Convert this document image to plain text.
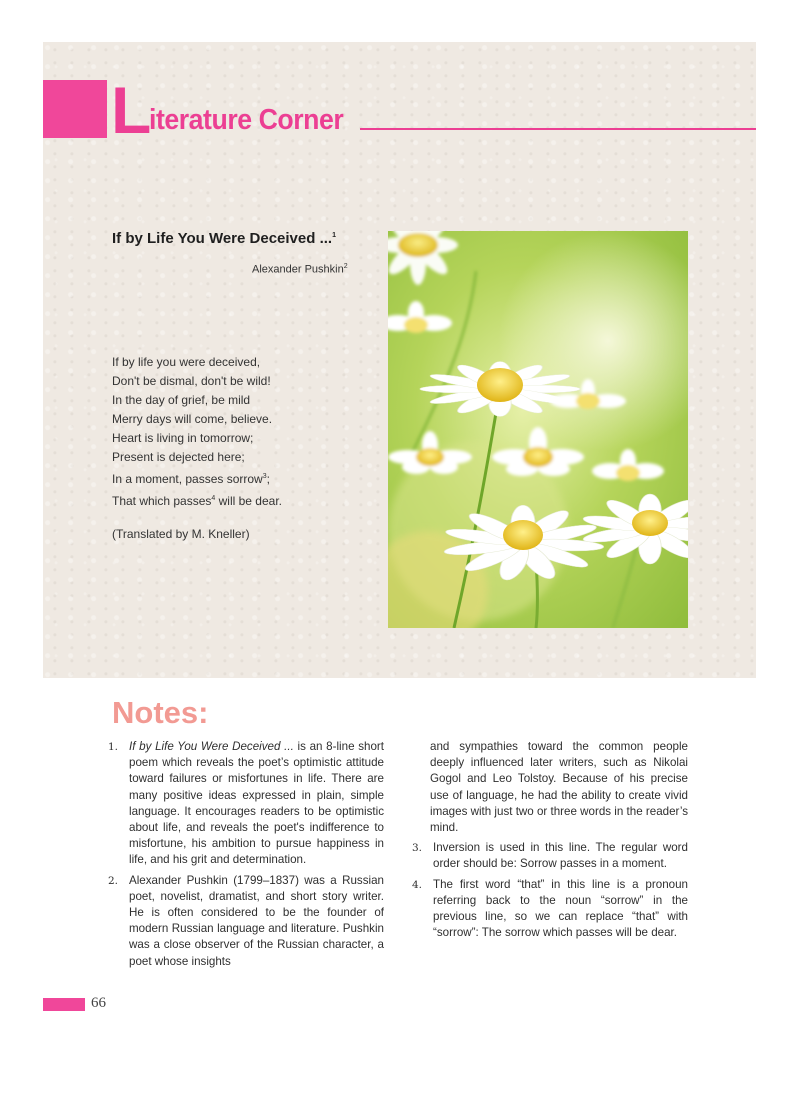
L iterature Corner
If by Life You Were Deceived ...$^1$
Alexander Pushkin$^2$
If by life you were deceived,
Don't be dismal, don't be wild!
In the day of grief, be mild
Merry days will come, believe.
Heart is living in tomorrow;
Present is dejected here;
In a moment, passes sorrow$^3$;
That which passes$^4$ will be dear.
(Translated by M. Kneller)
Notes:
1. If by Life You Were Deceived ... is an 8-line short poem which reveals the poet’s optimistic attitude toward failures or misfortunes in life. There are many positive ideas expressed in plain, simple language. It encourages readers to be optimistic about life, and reveals the poet's indifference to misfortune, his ambition to pursue happiness in life, and his grit and determination.
2. Alexander Pushkin (1799–1837) was a Russian poet, novelist, dramatist, and short story writer. He is often considered to be the founder of modern Russian language and literature. Pushkin was a close observer of the Russian character, a poet whose insights
and sympathies toward the common people deeply influenced later writers, such as Nikolai Gogol and Leo Tolstoy. Because of his precise use of language, he had the ability to create vivid images with just two or three words in the reader’s mind.
3. Inversion is used in this line. The regular word order should be: Sorrow passes in a moment.
4. The first word “that” in this line is a pronoun referring back to the noun “sorrow” in the previous line, so we can replace “that” with “sorrow”: The sorrow which passes will be dear.
66
